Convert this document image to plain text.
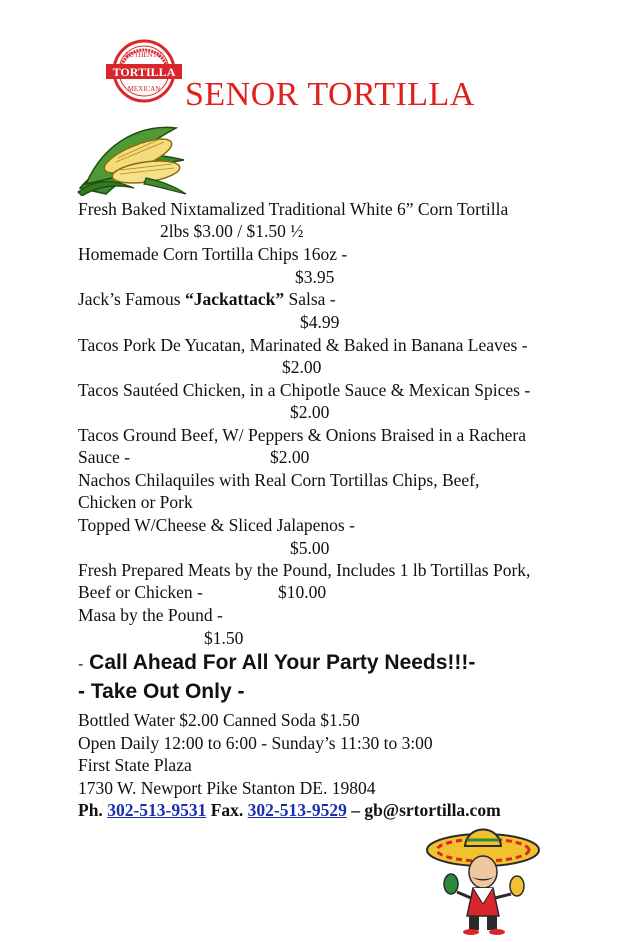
TORTILLA
AUTHENTIC
MEXICAN SENOR TORTILLA
Fresh Baked Nixtamalized Traditional White 6” Corn Tortilla
2lbs $3.00 / $1.50 ½
Homemade Corn Tortilla Chips 16oz -
$3.95
Jack’s Famous “Jackattack” Salsa -
$4.99
Tacos Pork De Yucatan, Marinated & Baked in Banana Leaves -
$2.00
Tacos Sautéed Chicken, in a Chipotle Sauce & Mexican Spices -
$2.00
Tacos Ground Beef, W/ Peppers & Onions Braised in a Rachera
Sauce -	$2.00
Nachos Chilaquiles with Real Corn Tortillas Chips, Beef,
Chicken or Pork
Topped W/Cheese & Sliced Jalapenos -
$5.00
Fresh Prepared Meats by the Pound, Includes 1 lb Tortillas Pork,
Beef or Chicken -	$10.00
Masa by the Pound -
$1.50
- Call Ahead For All Your Party Needs!!!-
- Take Out Only -
Bottled Water $2.00 Canned Soda $1.50
Open Daily 12:00 to 6:00 - Sunday’s 11:30 to 3:00
First State Plaza
1730 W. Newport Pike Stanton DE. 19804
Ph. 302-513-9531 Fax. 302-513-9529 – gb@srtortilla.com
